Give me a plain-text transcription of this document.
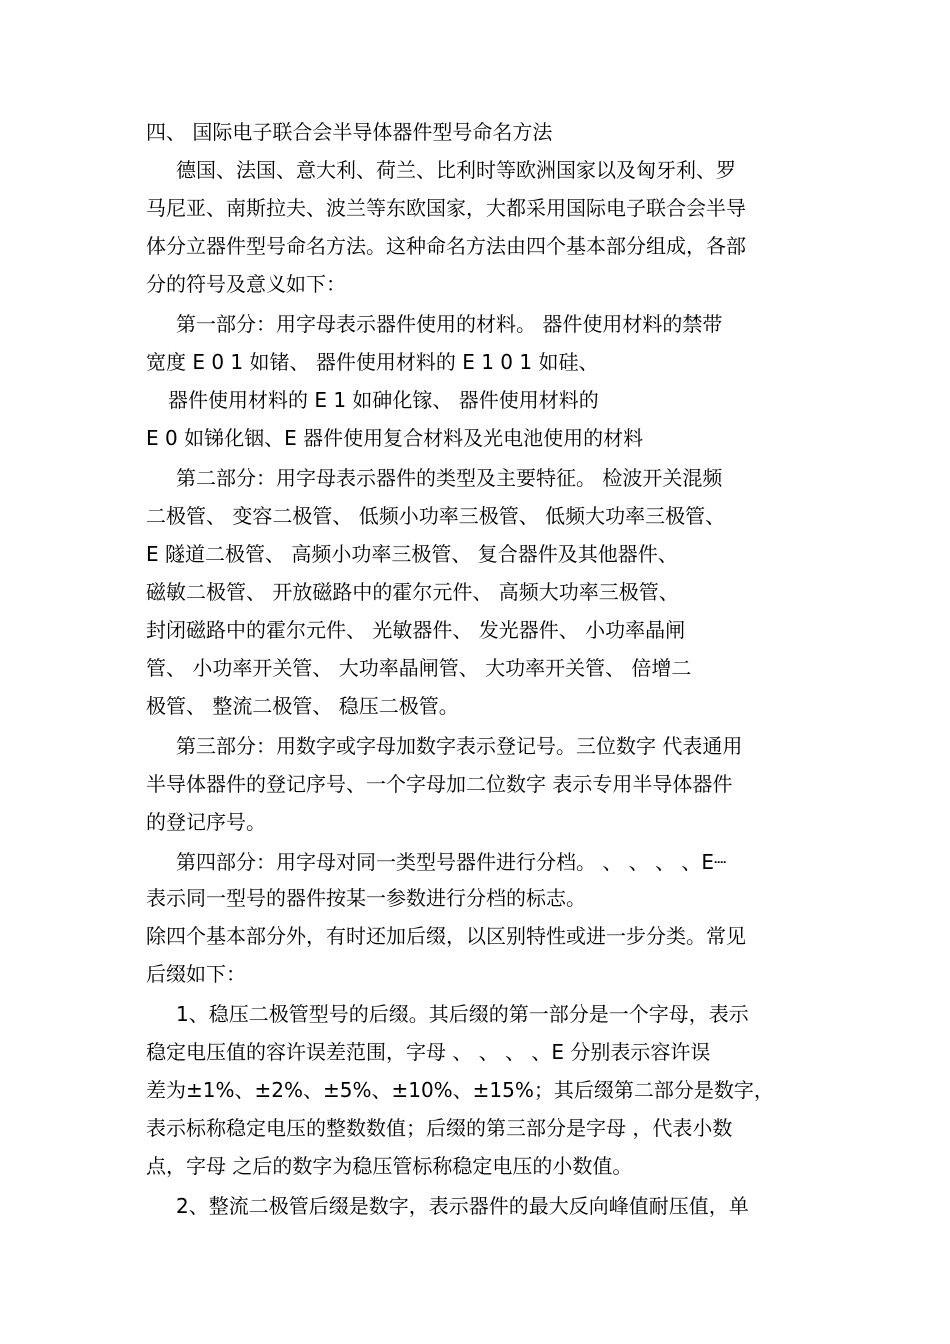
四、 国际电子联合会半导体器件型号命名方法
德国、法国、意大利、荷兰、比利时等欧洲国家以及匈牙利、罗
马尼亚、南斯拉夫、波兰等东欧国家，大都采用国际电子联合会半导
体分立器件型号命名方法。这种命名方法由四个基本部分组成，各部
分的符号及意义如下：
第一部分：用字母表示器件使用的材料。 器件使用材料的禁带
宽度 E 0 1 如锗、 器件使用材料的 E 1 0 1 如硅、
器件使用材料的 E 1 如砷化镓、 器件使用材料的
E 0 如锑化铟、E 器件使用复合材料及光电池使用的材料
第二部分：用字母表示器件的类型及主要特征。 检波开关混频
二极管、 变容二极管、 低频小功率三极管、 低频大功率三极管、
E 隧道二极管、 高频小功率三极管、 复合器件及其他器件、
磁敏二极管、 开放磁路中的霍尔元件、 高频大功率三极管、
封闭磁路中的霍尔元件、 光敏器件、 发光器件、 小功率晶闸
管、 小功率开关管、 大功率晶闸管、 大功率开关管、 倍增二
极管、 整流二极管、 稳压二极管。
第三部分：用数字或字母加数字表示登记号。三位数字 代表通用
半导体器件的登记序号、一个字母加二位数字 表示专用半导体器件
的登记序号。
第四部分：用字母对同一类型号器件进行分档。 、 、 、 、E┈
表示同一型号的器件按某一参数进行分档的标志。
除四个基本部分外，有时还加后缀，以区别特性或进一步分类。常见
后缀如下：
1、稳压二极管型号的后缀。其后缀的第一部分是一个字母，表示
稳定电压值的容许误差范围，字母 、 、 、 、E 分别表示容许误
差为±1%、±2%、±5%、±10%、±15%；其后缀第二部分是数字，
表示标称稳定电压的整数数值；后缀的第三部分是字母 ，代表小数
点，字母 之后的数字为稳压管标称稳定电压的小数值。
2、整流二极管后缀是数字，表示器件的最大反向峰值耐压值，单
